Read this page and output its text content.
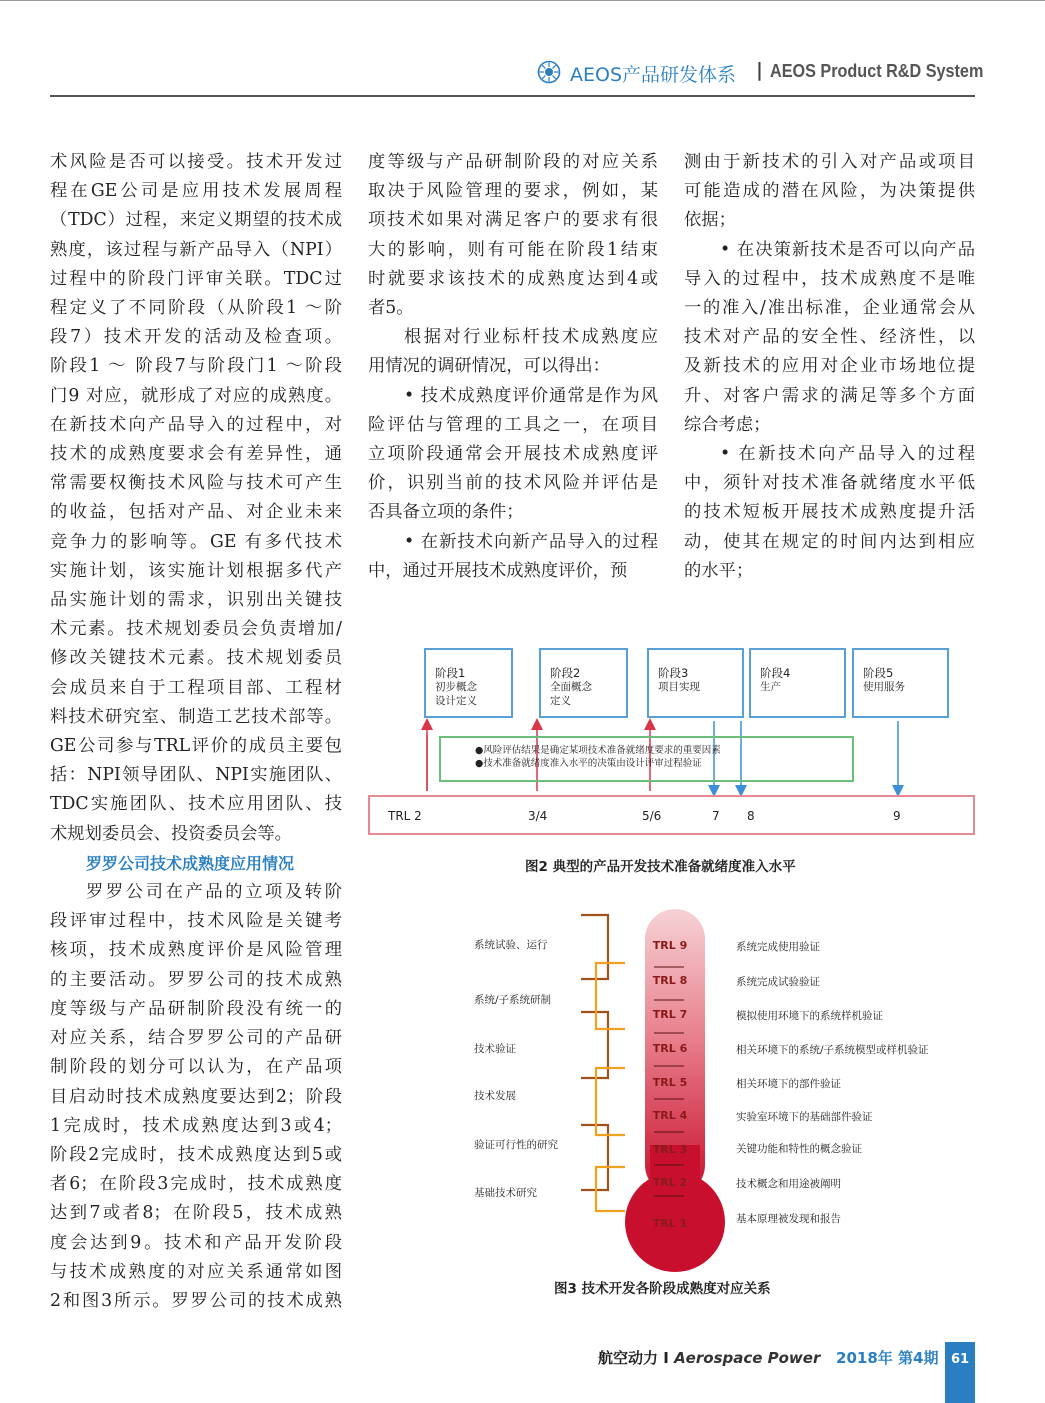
AEOS产品研发体系 | AEOS Product R&D System
术风险是否可以接受。技术开发过
程在GE公司是应用技术发展周程
（TDC）过程，来定义期望的技术成
熟度，该过程与新产品导入（NPI）
过程中的阶段门评审关联。TDC过
程定义了不同阶段（从阶段1 ～阶
段7）技术开发的活动及检查项。
阶段1 ～ 阶段7与阶段门1 ～阶段
门9 对应，就形成了对应的成熟度。
在新技术向产品导入的过程中，对
技术的成熟度要求会有差异性，通
常需要权衡技术风险与技术可产生
的收益，包括对产品、对企业未来
竞争力的影响等。GE 有多代技术
实施计划，该实施计划根据多代产
品实施计划的需求，识别出关键技
术元素。技术规划委员会负责增加/
修改关键技术元素。技术规划委员
会成员来自于工程项目部、工程材
料技术研究室、制造工艺技术部等。
GE公司参与TRL评价的成员主要包
括：NPI领导团队、NPI实施团队、
TDC实施团队、技术应用团队、技
术规划委员会、投资委员会等。
罗罗公司技术成熟度应用情况
罗罗公司在产品的立项及转阶
段评审过程中，技术风险是关键考
核项，技术成熟度评价是风险管理
的主要活动。罗罗公司的技术成熟
度等级与产品研制阶段没有统一的
对应关系，结合罗罗公司的产品研
制阶段的划分可以认为，在产品项
目启动时技术成熟度要达到2；阶段
1完成时，技术成熟度达到3或4；
阶段2完成时，技术成熟度达到5或
者6；在阶段3完成时，技术成熟度
达到7或者8；在阶段5，技术成熟
度会达到9。技术和产品开发阶段
与技术成熟度的对应关系通常如图
2和图3所示。罗罗公司的技术成熟
度等级与产品研制阶段的对应关系
取决于风险管理的要求，例如，某
项技术如果对满足客户的要求有很
大的影响，则有可能在阶段1结束
时就要求该技术的成熟度达到4或
者5。
根据对行业标杆技术成熟度应
用情况的调研情况，可以得出：
• 技术成熟度评价通常是作为风
险评估与管理的工具之一，在项目
立项阶段通常会开展技术成熟度评
价，识别当前的技术风险并评估是
否具备立项的条件；
• 在新技术向新产品导入的过程
中，通过开展技术成熟度评价，预
测由于新技术的引入对产品或项目
可能造成的潜在风险，为决策提供
依据；
• 在决策新技术是否可以向产品
导入的过程中，技术成熟度不是唯
一的准入/准出标准，企业通常会从
技术对产品的安全性、经济性，以
及新技术的应用对企业市场地位提
升、对客户需求的满足等多个方面
综合考虑；
• 在新技术向产品导入的过程
中，须针对技术准备就绪度水平低
的技术短板开展技术成熟度提升活
动，使其在规定的时间内达到相应
的水平；
阶段1
初步概念
设计定义
阶段2
全面概念
定义
阶段3
项目实现
阶段4
生产
阶段5
使用服务
●风险评估结果是确定某项技术准备就绪度要求的重要因素
●技术准备就绪度准入水平的决策由设计评审过程验证
TRL 2	3/4	5/6	7 8	9
图2 典型的产品开发技术准备就绪度准入水平
系统试验、运行
系统/子系统研制
技术验证
技术发展
验证可行性的研究
基础技术研究
TRL 9
TRL 8
TRL 7
TRL 6
TRL 5
TRL 4
TRL 3
TRL 2
TRL 1
系统完成使用验证
系统完成试验验证
模拟使用环境下的系统样机验证
相关环境下的系统/子系统模型或样机验证
相关环境下的部件验证
实验室环境下的基础部件验证
关键功能和特性的概念验证
技术概念和用途被阐明
基本原理被发现和报告
图3 技术开发各阶段成熟度对应关系
航空动力 I Aerospace Power 2018年 第4期 61
